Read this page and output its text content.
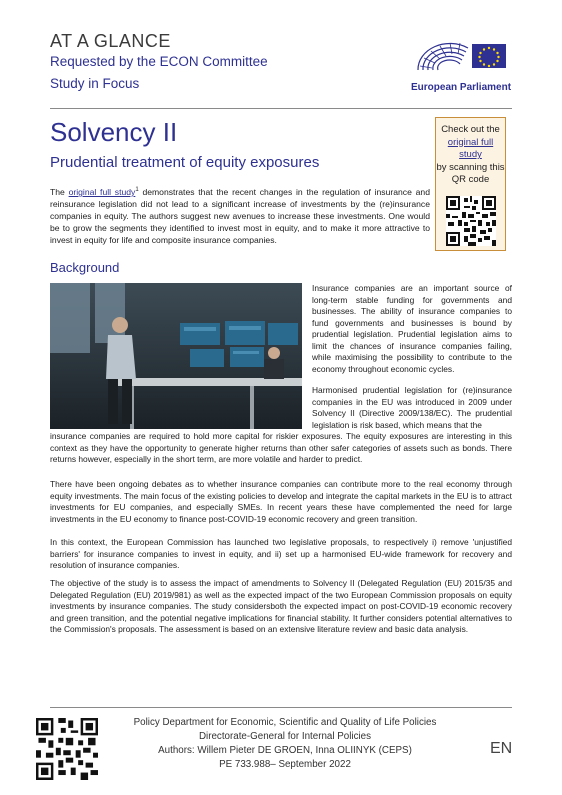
AT A GLANCE
Requested by the ECON Committee
Study in Focus	European Parliament
Solvency II
Prudential treatment of equity exposures
Check out the
original full study
by scanning this QR code
The original full study$^1$ demonstrates that the recent changes in the regulation of insurance and reinsurance legislation did not lead to a significant increase of investments by the (re)insurance companies in equity. The authors suggest new avenues to increase these investments. One would be to grow the segments they identified to invest most in equity, and to make it more attractive to invest in equity for life and composite insurance companies.
Background
Insurance companies are an important source of long-term stable funding for governments and businesses. The ability of insurance companies to fund governments and businesses is bound by prudential legislation. Prudential legislation aims to limit the chances of insurance companies failing, while maximising the possibility to contribute to the economy throughout economic cycles.
Harmonised prudential legislation for (re)insurance companies in the EU was introduced in 2009 under Solvency II (Directive 2009/138/EC). The prudential legislation is risk based, which means that the
insurance companies are required to hold more capital for riskier exposures. The equity exposures are interesting in this context as they have the opportunity to generate higher returns than other safer categories of assets such as bonds. There returns however, especially in the short term, are more volatile and harder to predict.
There have been ongoing debates as to whether insurance companies can contribute more to the real economy through equity investments. The main focus of the existing policies to develop and integrate the capital markets in the EU is to attract investments for EU companies, and especially SMEs. In recent years these have complemented the need for large investments in the EU economy to finance post-COVID-19 economic recovery and green transition.
In this context, the European Commission has launched two legislative proposals, to respectively i) remove 'unjustified barriers' for insurance companies to invest in equity, and ii) set up a harmonised EU-wide framework for recovery and resolution of insurance companies.
The objective of the study is to assess the impact of amendments to Solvency II (Delegated Regulation (EU) 2015/35 and Delegated Regulation (EU) 2019/981) as well as the expected impact of the two European Commission proposals on equity investments by insurance companies. The study considersboth the expected impact on post-COVID-19 economic recovery and green transition, and the potential negative implications for financial stability. It further considers potential alternatives to the Commission's proposals. The assessment is based on an extensive literature review and basic data analysis.
Policy Department for Economic, Scientific and Quality of Life Policies
Directorate-General for Internal Policies
Authors: Willem Pieter DE GROEN, Inna OLIINYK (CEPS)
PE 733.988– September 2022
EN
